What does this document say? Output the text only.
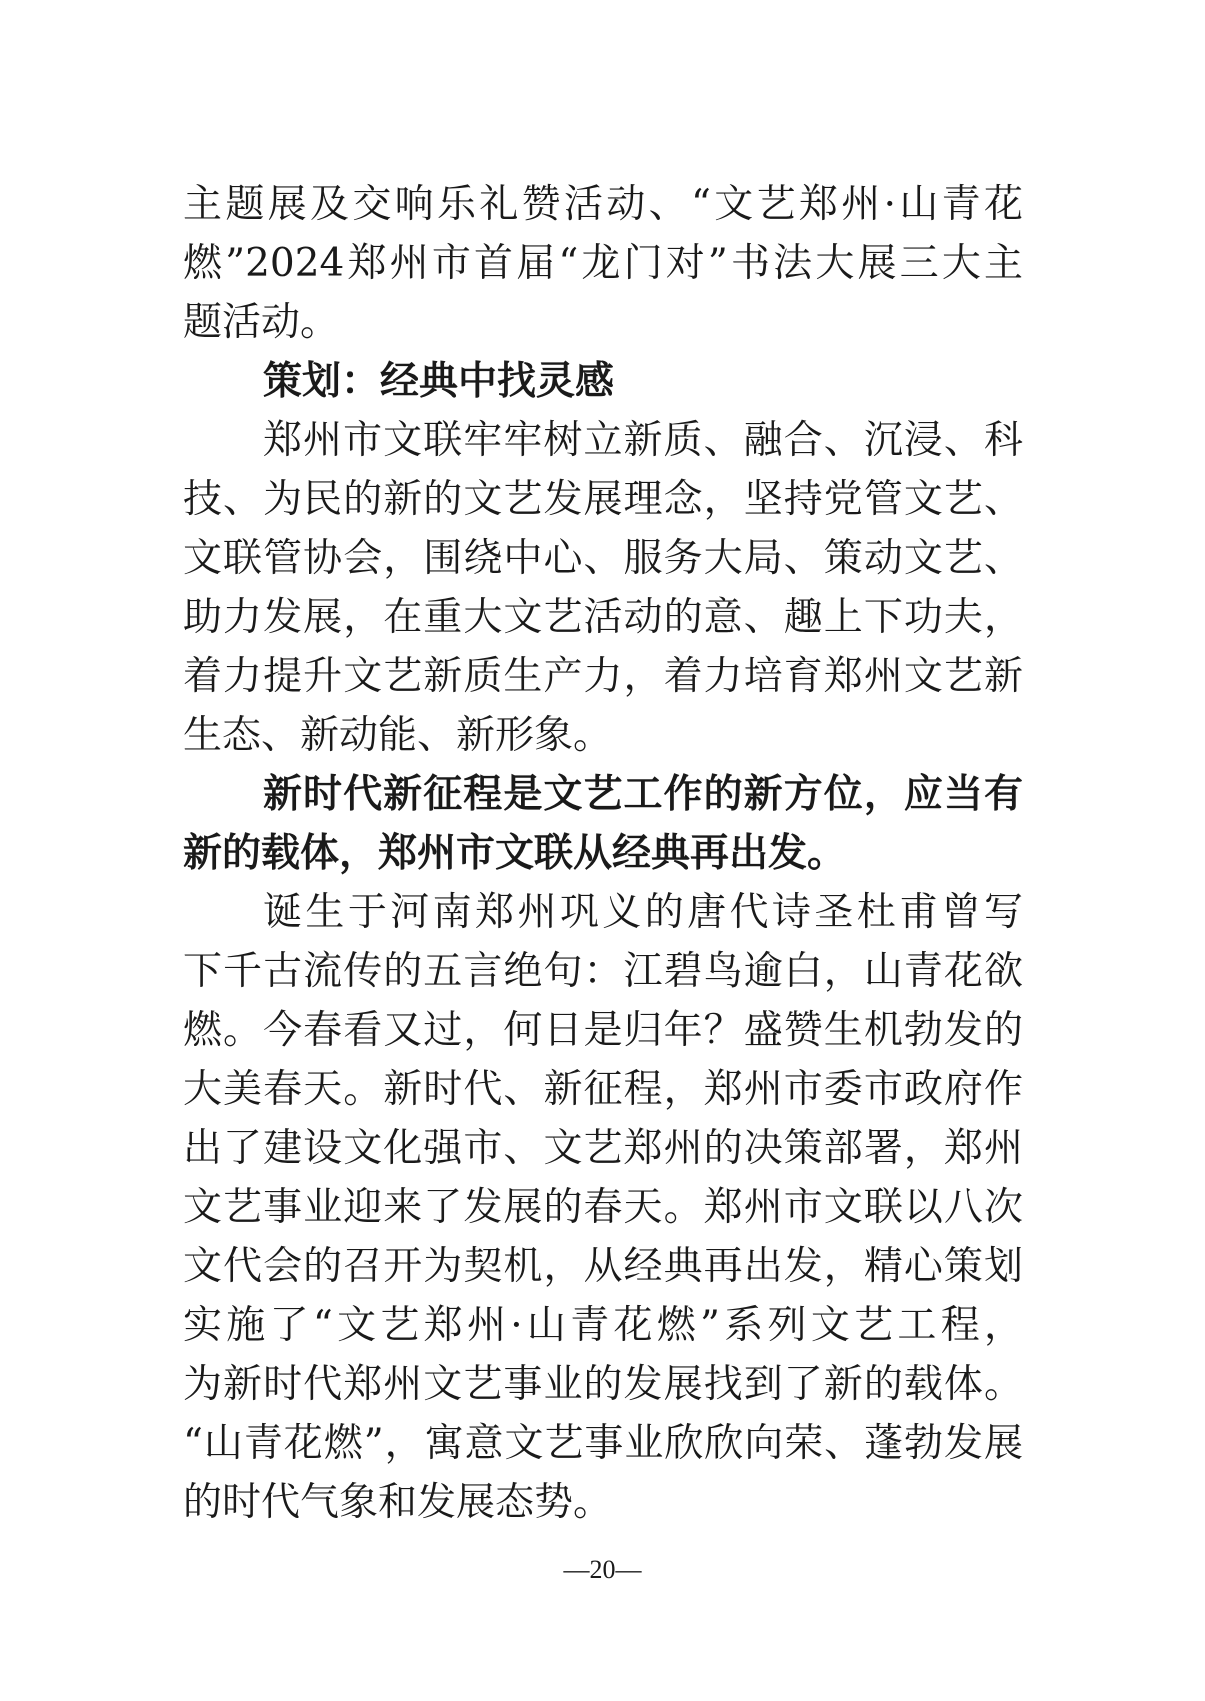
主题展及交响乐礼赞活动、“文艺郑州·山青花
燃”2024郑州市首届“龙门对”书法大展三大主
题活动。
策划：经典中找灵感
郑州市文联牢牢树立新质、融合、沉浸、科
技、为民的新的文艺发展理念，坚持党管文艺、
文联管协会，围绕中心、服务大局、策动文艺、
助力发展，在重大文艺活动的意、趣上下功夫，
着力提升文艺新质生产力，着力培育郑州文艺新
生态、新动能、新形象。
新时代新征程是文艺工作的新方位，应当有
新的载体，郑州市文联从经典再出发。
诞生于河南郑州巩义的唐代诗圣杜甫曾写
下千古流传的五言绝句：江碧鸟逾白，山青花欲
燃。今春看又过，何日是归年？盛赞生机勃发的
大美春天。新时代、新征程，郑州市委市政府作
出了建设文化强市、文艺郑州的决策部署，郑州
文艺事业迎来了发展的春天。郑州市文联以八次
文代会的召开为契机，从经典再出发，精心策划
实施了“文艺郑州·山青花燃”系列文艺工程，
为新时代郑州文艺事业的发展找到了新的载体。
“山青花燃”，寓意文艺事业欣欣向荣、蓬勃发展
的时代气象和发展态势。
—20—
